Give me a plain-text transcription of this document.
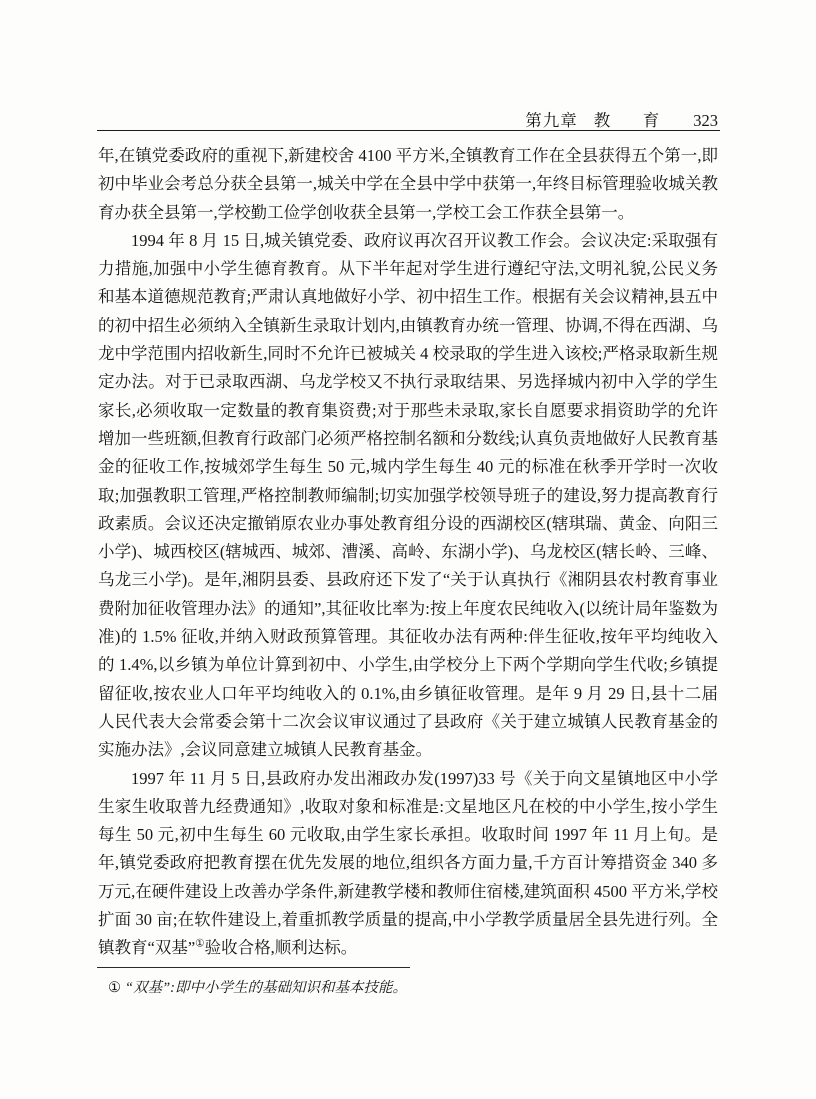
第九章 教　育 323

年,在镇党委政府的重视下,新建校舍 4100 平方米,全镇教育工作在全县获得五个第一,即初中毕业会考总分获全县第一,城关中学在全县中学中获第一,年终目标管理验收城关教育办获全县第一,学校勤工俭学创收获全县第一,学校工会工作获全县第一。

1994 年 8 月 15 日,城关镇党委、政府议再次召开议教工作会。会议决定:采取强有力措施,加强中小学生德育教育。从下半年起对学生进行遵纪守法,文明礼貌,公民义务和基本道德规范教育;严肃认真地做好小学、初中招生工作。根据有关会议精神,县五中的初中招生必须纳入全镇新生录取计划内,由镇教育办统一管理、协调,不得在西湖、乌龙中学范围内招收新生,同时不允许已被城关 4 校录取的学生进入该校;严格录取新生规定办法。对于已录取西湖、乌龙学校又不执行录取结果、另选择城内初中入学的学生家长,必须收取一定数量的教育集资费;对于那些未录取,家长自愿要求捐资助学的允许增加一些班额,但教育行政部门必须严格控制名额和分数线;认真负责地做好人民教育基金的征收工作,按城郊学生每生 50 元,城内学生每生 40 元的标准在秋季开学时一次收取;加强教职工管理,严格控制教师编制;切实加强学校领导班子的建设,努力提高教育行政素质。会议还决定撤销原农业办事处教育组分设的西湖校区(辖琪瑞、黄金、向阳三小学)、城西校区(辖城西、城郊、漕溪、高岭、东湖小学)、乌龙校区(辖长岭、三峰、乌龙三小学)。是年,湘阴县委、县政府还下发了“关于认真执行《湘阴县农村教育事业费附加征收管理办法》的通知”,其征收比率为:按上年度农民纯收入(以统计局年鉴数为准)的 1.5% 征收,并纳入财政预算管理。其征收办法有两种:伴生征收,按年平均纯收入的 1.4%,以乡镇为单位计算到初中、小学生,由学校分上下两个学期向学生代收;乡镇提留征收,按农业人口年平均纯收入的 0.1%,由乡镇征收管理。是年 9 月 29 日,县十二届人民代表大会常委会第十二次会议审议通过了县政府《关于建立城镇人民教育基金的实施办法》,会议同意建立城镇人民教育基金。

1997 年 11 月 5 日,县政府办发出湘政办发(1997)33 号《关于向文星镇地区中小学生家生收取普九经费通知》,收取对象和标准是:文星地区凡在校的中小学生,按小学生每生 50 元,初中生每生 60 元收取,由学生家长承担。收取时间 1997 年 11 月上旬。是年,镇党委政府把教育摆在优先发展的地位,组织各方面力量,千方百计筹措资金 340 多万元,在硬件建设上改善办学条件,新建教学楼和教师住宿楼,建筑面积 4500 平方米,学校扩面 30 亩;在软件建设上,着重抓教学质量的提高,中小学教学质量居全县先进行列。全镇教育“双基”①验收合格,顺利达标。

① “双基”:即中小学生的基础知识和基本技能。
